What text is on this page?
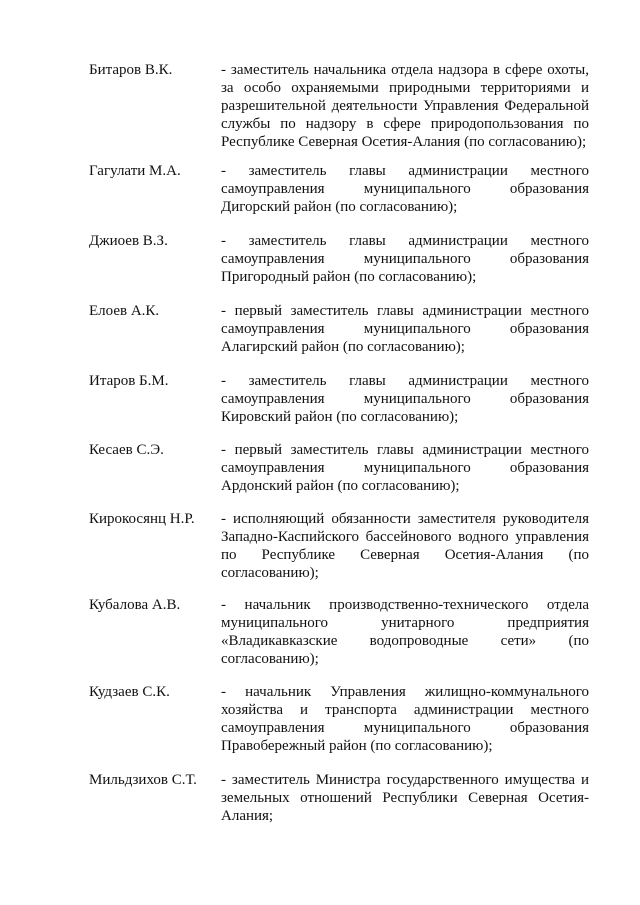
Битаров В.К.	- заместитель начальника отдела надзора в сфере охоты,
за особо охраняемыми природными территориями и
разрешительной деятельности Управления Федеральной
службы по надзору в сфере природопользования по
Республике Северная Осетия-Алания (по согласованию);

Гагулати М.А.	- заместитель главы администрации местного
самоуправления муниципального образования
Дигорский район (по согласованию);

Джиоев В.З.	- заместитель главы администрации местного
самоуправления муниципального образования
Пригородный район (по согласованию);

Елоев А.К.	- первый заместитель главы администрации местного
самоуправления муниципального образования
Алагирский район (по согласованию);

Итаров Б.М.	- заместитель главы администрации местного
самоуправления муниципального образования
Кировский район (по согласованию);

Кесаев С.Э.	- первый заместитель главы администрации местного
самоуправления муниципального образования
Ардонский район (по согласованию);

Кирокосянц Н.Р. - исполняющий обязанности заместителя руководителя
Западно-Каспийского бассейнового водного управления
по Республике Северная Осетия-Алания (по
согласованию);

Кубалова А.В.	- начальник производственно-технического отдела
муниципального унитарного предприятия
«Владикавказские водопроводные сети» (по
согласованию);

Кудзаев С.К.	- начальник Управления жилищно-коммунального
хозяйства и транспорта администрации местного
самоуправления муниципального образования
Правобережный район (по согласованию);

Мильдзихов С.Т. - заместитель Министра государственного имущества и
земельных отношений Республики Северная Осетия-
Алания;
